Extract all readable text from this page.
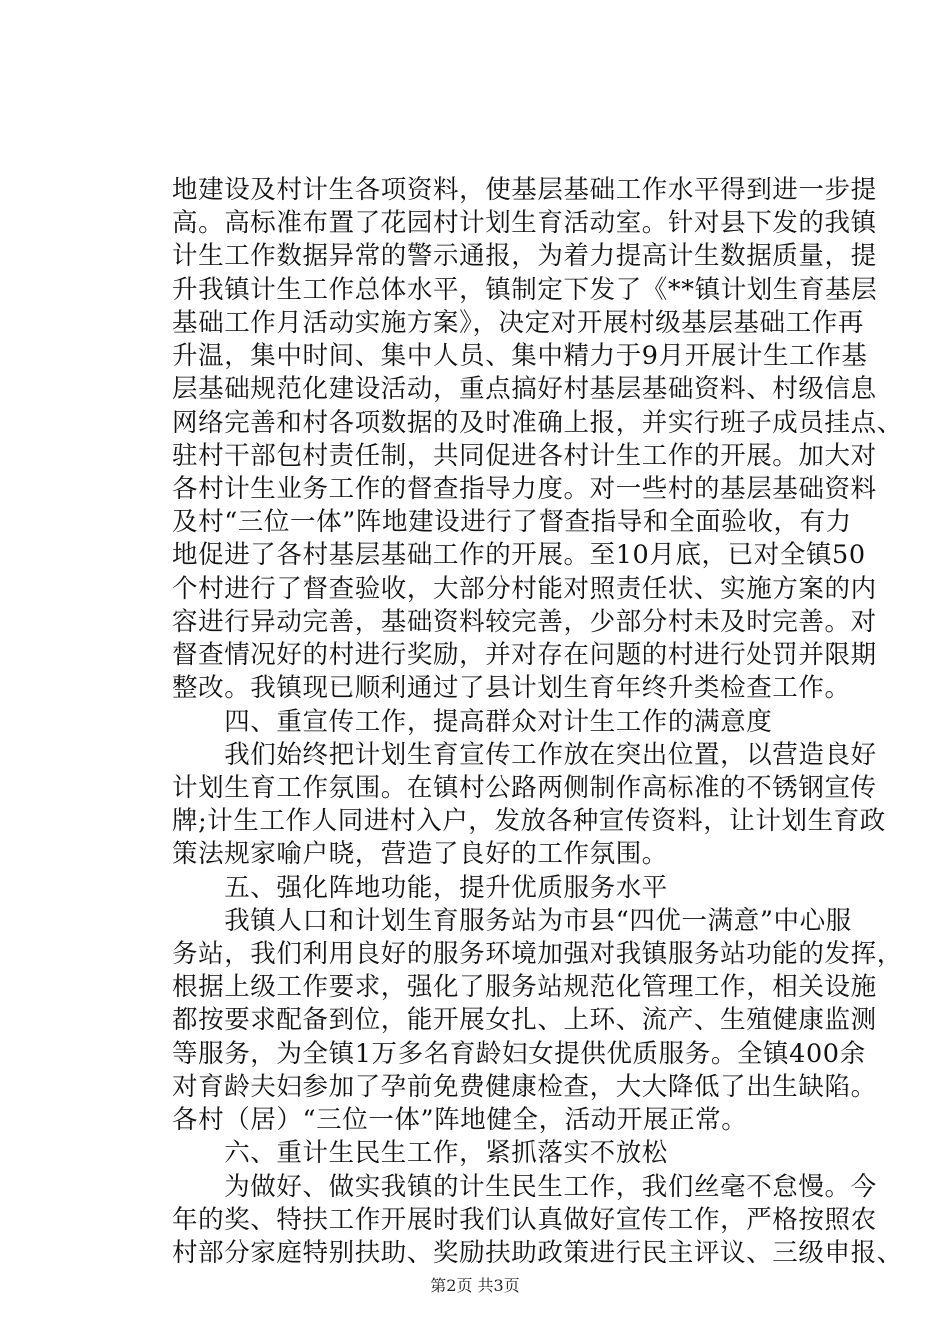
地建设及村计生各项资料，使基层基础工作水平得到进一步提
高。高标准布置了花园村计划生育活动室。针对县下发的我镇
计生工作数据异常的警示通报，为着力提高计生数据质量，提
升我镇计生工作总体水平，镇制定下发了《**镇计划生育基层
基础工作月活动实施方案》，决定对开展村级基层基础工作再
升温，集中时间、集中人员、集中精力于9月开展计生工作基
层基础规范化建设活动，重点搞好村基层基础资料、村级信息
网络完善和村各项数据的及时准确上报，并实行班子成员挂点、
驻村干部包村责任制，共同促进各村计生工作的开展。加大对
各村计生业务工作的督查指导力度。对一些村的基层基础资料
及村“三位一体”阵地建设进行了督查指导和全面验收，有力
地促进了各村基层基础工作的开展。至10月底，已对全镇50
个村进行了督查验收，大部分村能对照责任状、实施方案的内
容进行异动完善，基础资料较完善，少部分村未及时完善。对
督查情况好的村进行奖励，并对存在问题的村进行处罚并限期
整改。我镇现已顺利通过了县计划生育年终升类检查工作。
　　四、重宣传工作，提高群众对计生工作的满意度
　　我们始终把计划生育宣传工作放在突出位置，以营造良好
计划生育工作氛围。在镇村公路两侧制作高标准的不锈钢宣传
牌;计生工作人同进村入户，发放各种宣传资料，让计划生育政
策法规家喻户晓，营造了良好的工作氛围。
　　五、强化阵地功能，提升优质服务水平
　　我镇人口和计划生育服务站为市县“四优一满意”中心服
务站，我们利用良好的服务环境加强对我镇服务站功能的发挥，
根据上级工作要求，强化了服务站规范化管理工作，相关设施
都按要求配备到位，能开展女扎、上环、流产、生殖健康监测
等服务，为全镇1万多名育龄妇女提供优质服务。全镇400余
对育龄夫妇参加了孕前免费健康检查，大大降低了出生缺陷。
各村（居）“三位一体”阵地健全，活动开展正常。
　　六、重计生民生工作，紧抓落实不放松
　　为做好、做实我镇的计生民生工作，我们丝毫不怠慢。今
年的奖、特扶工作开展时我们认真做好宣传工作，严格按照农
村部分家庭特别扶助、奖励扶助政策进行民主评议、三级申报、
第2页 共3页
